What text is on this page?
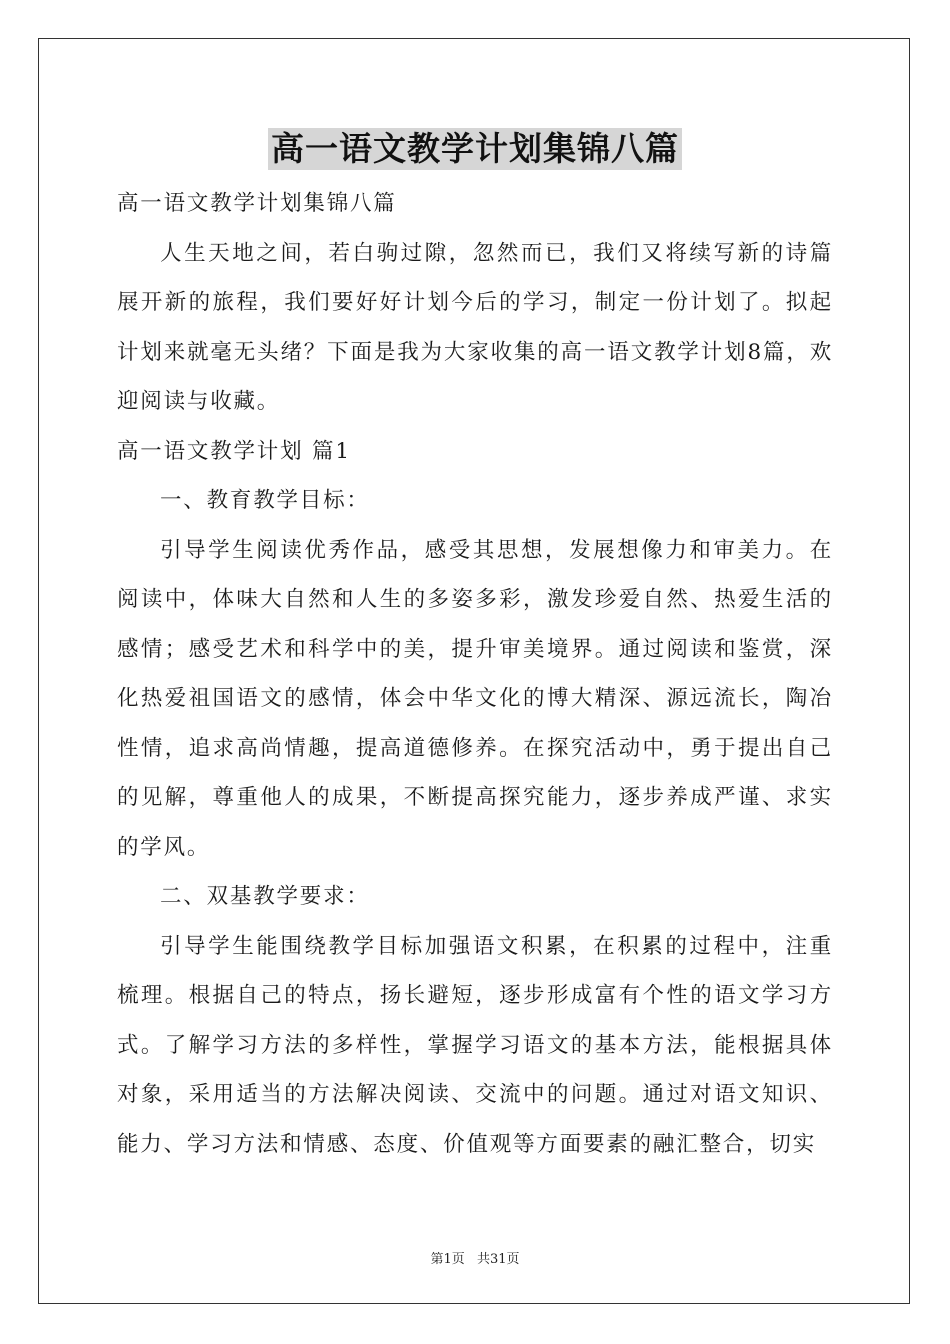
高一语文教学计划集锦八篇

高一语文教学计划集锦八篇

人生天地之间，若白驹过隙，忽然而已，我们又将续写新的诗篇展开新的旅程，我们要好好计划今后的学习，制定一份计划了。拟起计划来就毫无头绪？下面是我为大家收集的高一语文教学计划8篇，欢迎阅读与收藏。

高一语文教学计划 篇1

一、教育教学目标：

引导学生阅读优秀作品，感受其思想，发展想像力和审美力。在阅读中，体味大自然和人生的多姿多彩，激发珍爱自然、热爱生活的感情；感受艺术和科学中的美，提升审美境界。通过阅读和鉴赏，深化热爱祖国语文的感情，体会中华文化的博大精深、源远流长，陶冶性情，追求高尚情趣，提高道德修养。在探究活动中，勇于提出自己的见解，尊重他人的成果，不断提高探究能力，逐步养成严谨、求实的学风。

二、双基教学要求：

引导学生能围绕教学目标加强语文积累，在积累的过程中，注重梳理。根据自己的特点，扬长避短，逐步形成富有个性的语文学习方式。了解学习方法的多样性，掌握学习语文的基本方法，能根据具体对象，采用适当的方法解决阅读、交流中的问题。通过对语文知识、能力、学习方法和情感、态度、价值观等方面要素的融汇整合，切实

第1页 共31页
